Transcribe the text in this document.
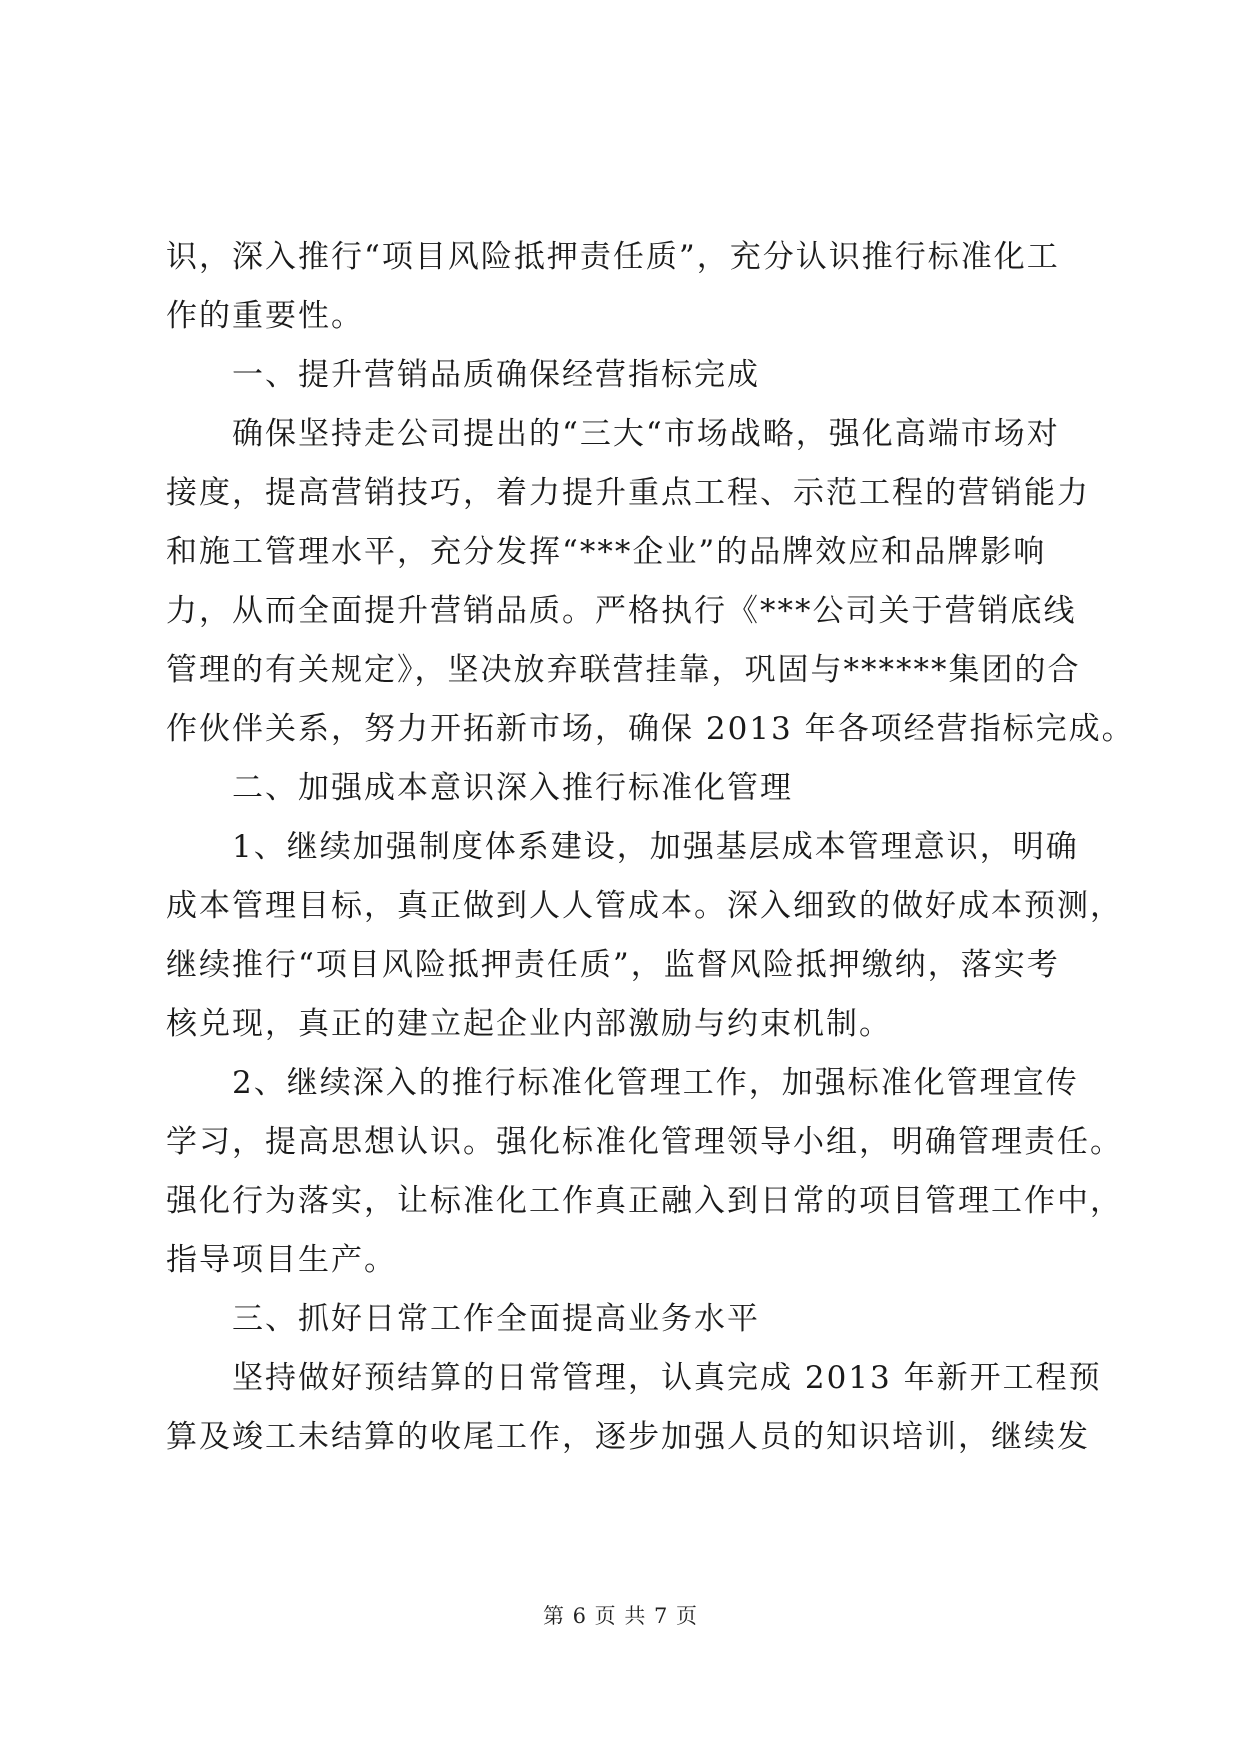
识，深入推行“项目风险抵押责任质”，充分认识推行标准化工
作的重要性。
　　一、提升营销品质确保经营指标完成
　　确保坚持走公司提出的“三大“市场战略，强化高端市场对
接度，提高营销技巧，着力提升重点工程、示范工程的营销能力
和施工管理水平，充分发挥“***企业”的品牌效应和品牌影响
力，从而全面提升营销品质。严格执行《***公司关于营销底线
管理的有关规定》，坚决放弃联营挂靠，巩固与******集团的合
作伙伴关系，努力开拓新市场，确保 2013 年各项经营指标完成。
　　二、加强成本意识深入推行标准化管理
　　1、继续加强制度体系建设，加强基层成本管理意识，明确
成本管理目标，真正做到人人管成本。深入细致的做好成本预测，
继续推行“项目风险抵押责任质”，监督风险抵押缴纳，落实考
核兑现，真正的建立起企业内部激励与约束机制。
　　2、继续深入的推行标准化管理工作，加强标准化管理宣传
学习，提高思想认识。强化标准化管理领导小组，明确管理责任。
强化行为落实，让标准化工作真正融入到日常的项目管理工作中，
指导项目生产。
　　三、抓好日常工作全面提高业务水平
　　坚持做好预结算的日常管理，认真完成 2013 年新开工程预
算及竣工未结算的收尾工作，逐步加强人员的知识培训，继续发
第 6 页 共 7 页
